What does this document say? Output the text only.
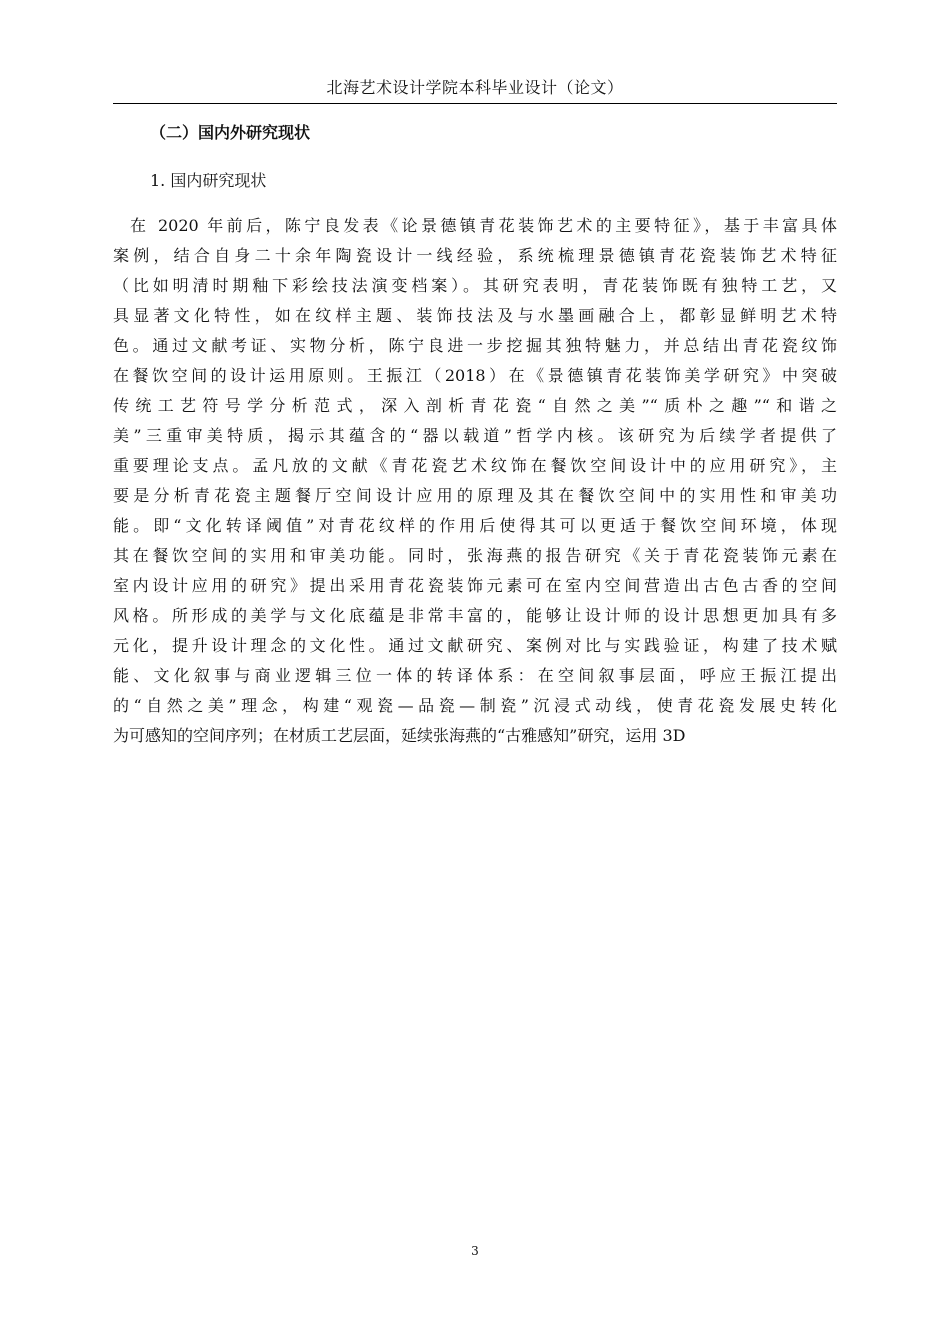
北海艺术设计学院本科毕业设计（论文）
（二）国内外研究现状
1. 国内研究现状
在 2020 年前后，陈宁良发表《论景德镇青花装饰艺术的主要特征》，基于丰富具体
案例，结合自身二十余年陶瓷设计一线经验，系统梳理景德镇青花瓷装饰艺术特征
（比如明清时期釉下彩绘技法演变档案）。其研究表明，青花装饰既有独特工艺，又
具显著文化特性，如在纹样主题、装饰技法及与水墨画融合上，都彰显鲜明艺术特
色。通过文献考证、实物分析，陈宁良进一步挖掘其独特魅力，并总结出青花瓷纹饰
在餐饮空间的设计运用原则。王振江（2018）在《景德镇青花装饰美学研究》中突破
传统工艺符号学分析范式，深入剖析青花瓷“自然之美”“质朴之趣”“和谐之
美”三重审美特质，揭示其蕴含的“器以载道”哲学内核。该研究为后续学者提供了
重要理论支点。孟凡放的文献《青花瓷艺术纹饰在餐饮空间设计中的应用研究》，主
要是分析青花瓷主题餐厅空间设计应用的原理及其在餐饮空间中的实用性和审美功
能。即“文化转译阈值”对青花纹样的作用后使得其可以更适于餐饮空间环境，体现
其在餐饮空间的实用和审美功能。同时，张海燕的报告研究《关于青花瓷装饰元素在
室内设计应用的研究》提出采用青花瓷装饰元素可在室内空间营造出古色古香的空间
风格。所形成的美学与文化底蕴是非常丰富的，能够让设计师的设计思想更加具有多
元化，提升设计理念的文化性。通过文献研究、案例对比与实践验证，构建了技术赋
能、文化叙事与商业逻辑三位一体的转译体系：在空间叙事层面，呼应王振江提出
的“自然之美”理念，构建“观瓷—品瓷—制瓷”沉浸式动线，使青花瓷发展史转化
为可感知的空间序列；在材质工艺层面，延续张海燕的“古雅感知”研究，运用 3D
3
